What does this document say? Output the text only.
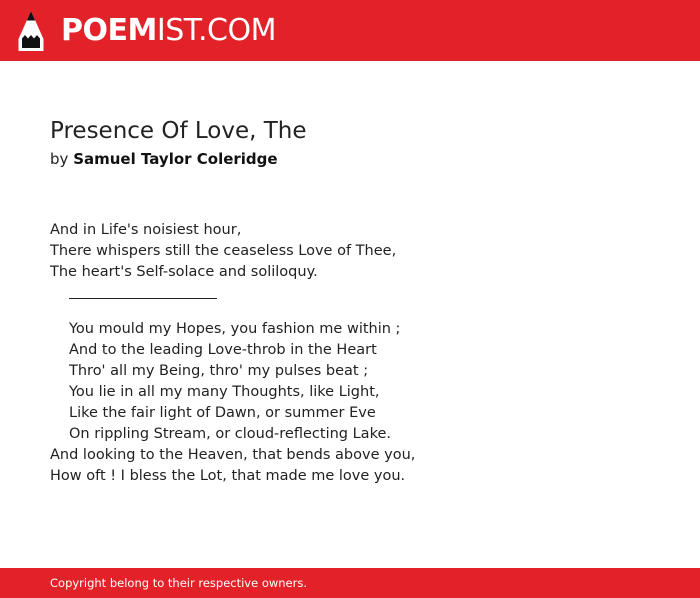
POEMIST.COM
Presence Of Love, The

by Samuel Taylor Coleridge

And in Life's noisiest hour,
There whispers still the ceaseless Love of Thee,
The heart's Self-solace and soliloquy.
You mould my Hopes, you fashion me within ;
And to the leading Love-throb in the Heart
Thro' all my Being, thro' my pulses beat ;
You lie in all my many Thoughts, like Light,
Like the fair light of Dawn, or summer Eve
On rippling Stream, or cloud-reflecting Lake.
And looking to the Heaven, that bends above you,
How oft ! I bless the Lot, that made me love you.
Copyright belong to their respective owners.
